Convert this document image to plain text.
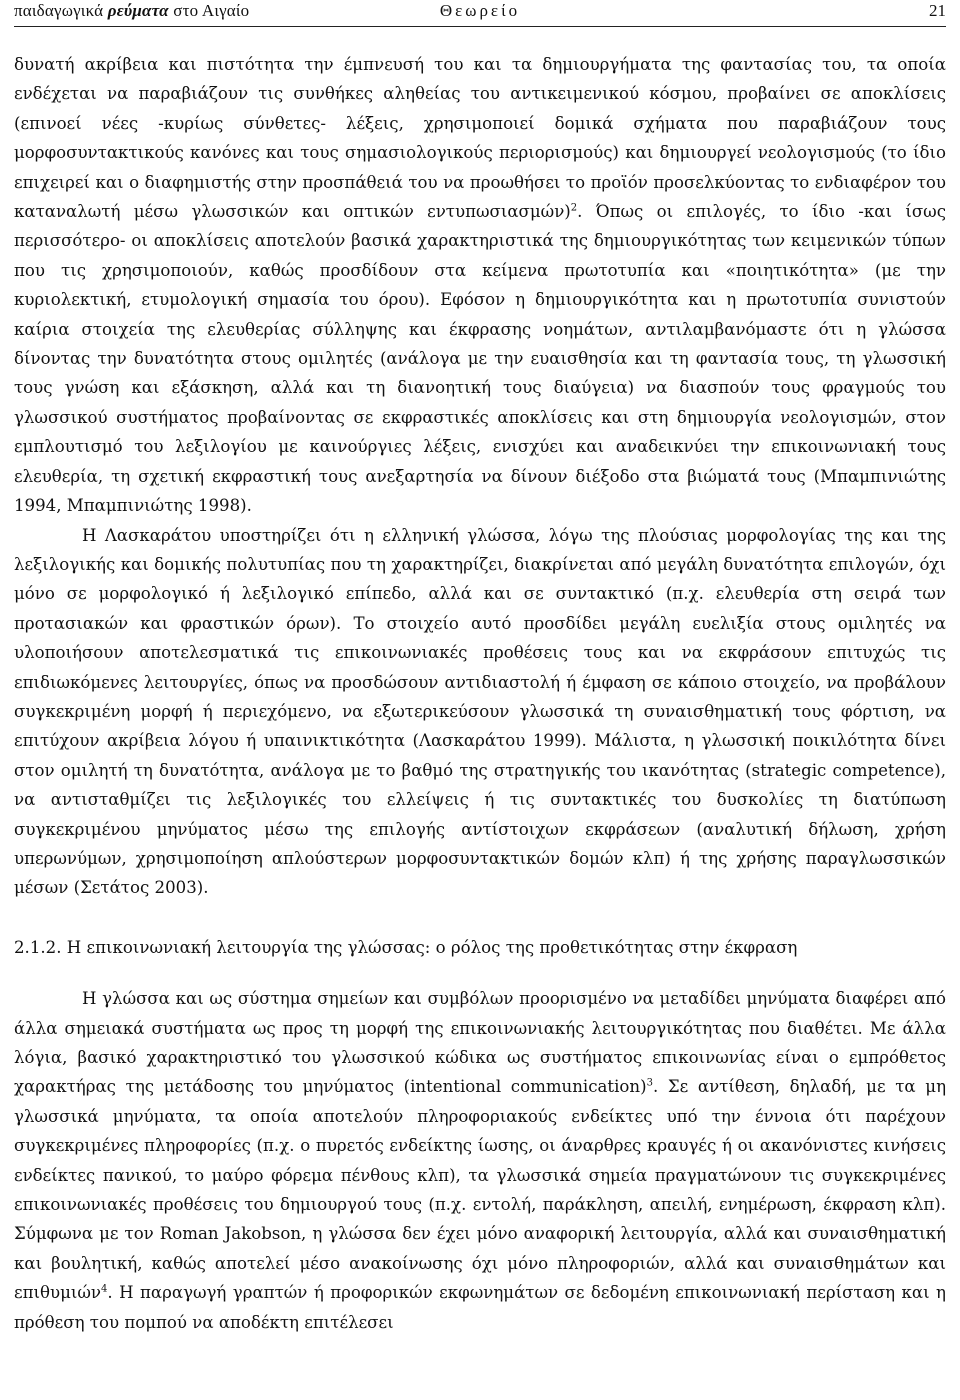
παιδαγωγικά ρεύματα στο Αιγαίο	Θεωρείο	21

δυνατή ακρίβεια και πιστότητα την έμπνευσή του και τα δημιουργήματα της φαντασίας του, τα οποία ενδέχεται να παραβιάζουν τις συνθήκες αληθείας του αντικειμενικού κόσμου, προβαίνει σε αποκλίσεις (επινοεί νέες -κυρίως σύνθετες- λέξεις, χρησιμοποιεί δομικά σχήματα που παραβιάζουν τους μορφοσυντακτικούς κανόνες και τους σημασιολογικούς περιορισμούς) και δημιουργεί νεολογισμούς (το ίδιο επιχειρεί και ο διαφημιστής στην προσπάθειά του να προωθήσει το προϊόν προσελκύοντας το ενδιαφέρον του καταναλωτή μέσω γλωσσικών και οπτικών εντυπωσιασμών)$^2$. Όπως οι επιλογές, το ίδιο -και ίσως περισσότερο- οι αποκλίσεις αποτελούν βασικά χαρακτηριστικά της δημιουργικότητας των κειμενικών τύπων που τις χρησιμοποιούν, καθώς προσδίδουν στα κείμενα πρωτοτυπία και «ποιητικότητα» (με την κυριολεκτική, ετυμολογική σημασία του όρου). Εφόσον η δημιουργικότητα και η πρωτοτυπία συνιστούν καίρια στοιχεία της ελευθερίας σύλληψης και έκφρασης νοημάτων, αντιλαμβανόμαστε ότι η γλώσσα δίνοντας την δυνατότητα στους ομιλητές (ανάλογα με την ευαισθησία και τη φαντασία τους, τη γλωσσική τους γνώση και εξάσκηση, αλλά και τη διανοητική τους διαύγεια) να διασπούν τους φραγμούς του γλωσσικού συστήματος προβαίνοντας σε εκφραστικές αποκλίσεις και στη δημιουργία νεολογισμών, στον εμπλουτισμό του λεξιλογίου με καινούργιες λέξεις, ενισχύει και αναδεικνύει την επικοινωνιακή τους ελευθερία, τη σχετική εκφραστική τους ανεξαρτησία να δίνουν διέξοδο στα βιώματά τους (Μπαμπινιώτης 1994, Μπαμπινιώτης 1998).

Η Λασκαράτου υποστηρίζει ότι η ελληνική γλώσσα, λόγω της πλούσιας μορφολογίας της και της λεξιλογικής και δομικής πολυτυπίας που τη χαρακτηρίζει, διακρίνεται από μεγάλη δυνατότητα επιλογών, όχι μόνο σε μορφολογικό ή λεξιλογικό επίπεδο, αλλά και σε συντακτικό (π.χ. ελευθερία στη σειρά των προτασιακών και φραστικών όρων). Το στοιχείο αυτό προσδίδει μεγάλη ευελιξία στους ομιλητές να υλοποιήσουν αποτελεσματικά τις επικοινωνιακές προθέσεις τους και να εκφράσουν επιτυχώς τις επιδιωκόμενες λειτουργίες, όπως να προσδώσουν αντιδιαστολή ή έμφαση σε κάποιο στοιχείο, να προβάλουν συγκεκριμένη μορφή ή περιεχόμενο, να εξωτερικεύσουν γλωσσικά τη συναισθηματική τους φόρτιση, να επιτύχουν ακρίβεια λόγου ή υπαινικτικότητα (Λασκαράτου 1999). Μάλιστα, η γλωσσική ποικιλότητα δίνει στον ομιλητή τη δυνατότητα, ανάλογα με το βαθμό της στρατηγικής του ικανότητας (strategic competence), να αντισταθμίζει τις λεξιλογικές του ελλείψεις ή τις συντακτικές του δυσκολίες τη διατύπωση συγκεκριμένου μηνύματος μέσω της επιλογής αντίστοιχων εκφράσεων (αναλυτική δήλωση, χρήση υπερωνύμων, χρησιμοποίηση απλούστερων μορφοσυντακτικών δομών κλπ) ή της χρήσης παραγλωσσικών μέσων (Σετάτος 2003).

2.1.2. Η επικοινωνιακή λειτουργία της γλώσσας: ο ρόλος της προθετικότητας στην έκφραση

Η γλώσσα και ως σύστημα σημείων και συμβόλων προορισμένο να μεταδίδει μηνύματα διαφέρει από άλλα σημειακά συστήματα ως προς τη μορφή της επικοινωνιακής λειτουργικότητας που διαθέτει. Με άλλα λόγια, βασικό χαρακτηριστικό του γλωσσικού κώδικα ως συστήματος επικοινωνίας είναι ο εμπρόθετος χαρακτήρας της μετάδοσης του μηνύματος (intentional communication)$^3$. Σε αντίθεση, δηλαδή, με τα μη γλωσσικά μηνύματα, τα οποία αποτελούν πληροφοριακούς ενδείκτες υπό την έννοια ότι παρέχουν συγκεκριμένες πληροφορίες (π.χ. ο πυρετός ενδείκτης ίωσης, οι άναρθρες κραυγές ή οι ακανόνιστες κινήσεις ενδείκτες πανικού, το μαύρο φόρεμα πένθους κλπ), τα γλωσσικά σημεία πραγματώνουν τις συγκεκριμένες επικοινωνιακές προθέσεις του δημιουργού τους (π.χ. εντολή, παράκληση, απειλή, ενημέρωση, έκφραση κλπ). Σύμφωνα με τον Roman Jakobson, η γλώσσα δεν έχει μόνο αναφορική λειτουργία, αλλά και συναισθηματική και βουλητική, καθώς αποτελεί μέσο ανακοίνωσης όχι μόνο πληροφοριών, αλλά και συναισθημάτων και επιθυμιών$^4$. Η παραγωγή γραπτών ή προφορικών εκφωνημάτων σε δεδομένη επικοινωνιακή περίσταση και η πρόθεση του πομπού να αποδέκτη επιτέλεσει
